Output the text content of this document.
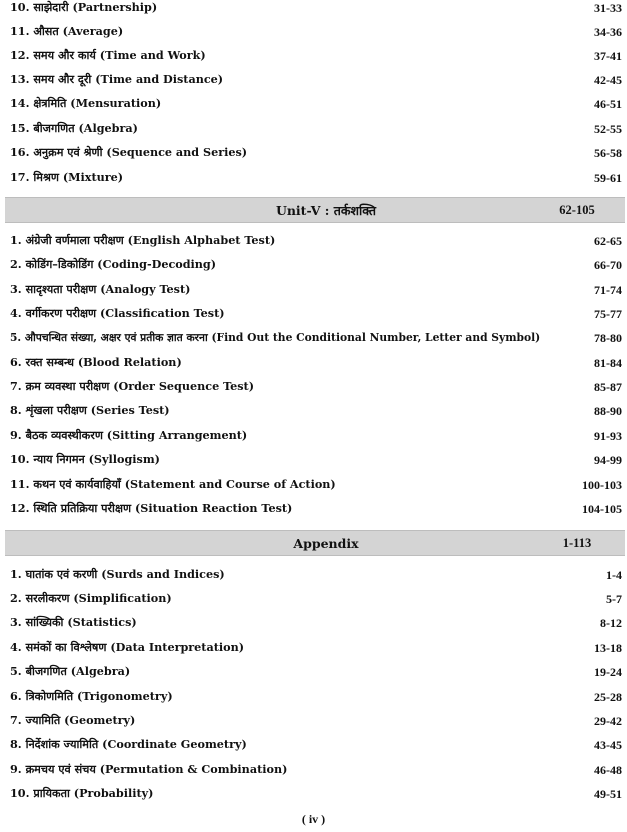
10. साझेदारी (Partnership)	31-33
11. औसत (Average)	34-36
12. समय और कार्य (Time and Work)	37-41
13. समय और दूरी (Time and Distance)	42-45
14. क्षेत्रमिति (Mensuration)	46-51
15. बीजगणित (Algebra)	52-55
16. अनुक्रम एवं श्रेणी (Sequence and Series)	56-58
17. मिश्रण (Mixture)	59-61
Unit-V : तर्कशक्ति	62-105
1. अंग्रेजी वर्णमाला परीक्षण (English Alphabet Test)	62-65
2. कोडिंग–डिकोडिंग (Coding-Decoding)	66-70
3. सादृश्यता परीक्षण (Analogy Test)	71-74
4. वर्गीकरण परीक्षण (Classification Test)	75-77
5. औपचन्धित संख्या, अक्षर एवं प्रतीक ज्ञात करना (Find Out the Conditional Number, Letter and Symbol)	78-80
6. रक्त सम्बन्ध (Blood Relation)	81-84
7. क्रम व्यवस्था परीक्षण (Order Sequence Test)	85-87
8. शृंखला परीक्षण (Series Test)	88-90
9. बैठक व्यवस्थीकरण (Sitting Arrangement)	91-93
10. न्याय निगमन (Syllogism)	94-99
11. कथन एवं कार्यवाहियाँ (Statement and Course of Action)	100-103
12. स्थिति प्रतिक्रिया परीक्षण (Situation Reaction Test)	104-105
Appendix	1-113
1. घातांक एवं करणी (Surds and Indices)	1-4
2. सरलीकरण (Simplification)	5-7
3. सांख्यिकी (Statistics)	8-12
4. समंकों का विश्लेषण (Data Interpretation)	13-18
5. बीजगणित (Algebra)	19-24
6. त्रिकोणमिति (Trigonometry)	25-28
7. ज्यामिति (Geometry)	29-42
8. निर्देशांक ज्यामिति (Coordinate Geometry)	43-45
9. क्रमचय एवं संचय (Permutation & Combination)	46-48
10. प्रायिकता (Probability)	49-51
( iv )
